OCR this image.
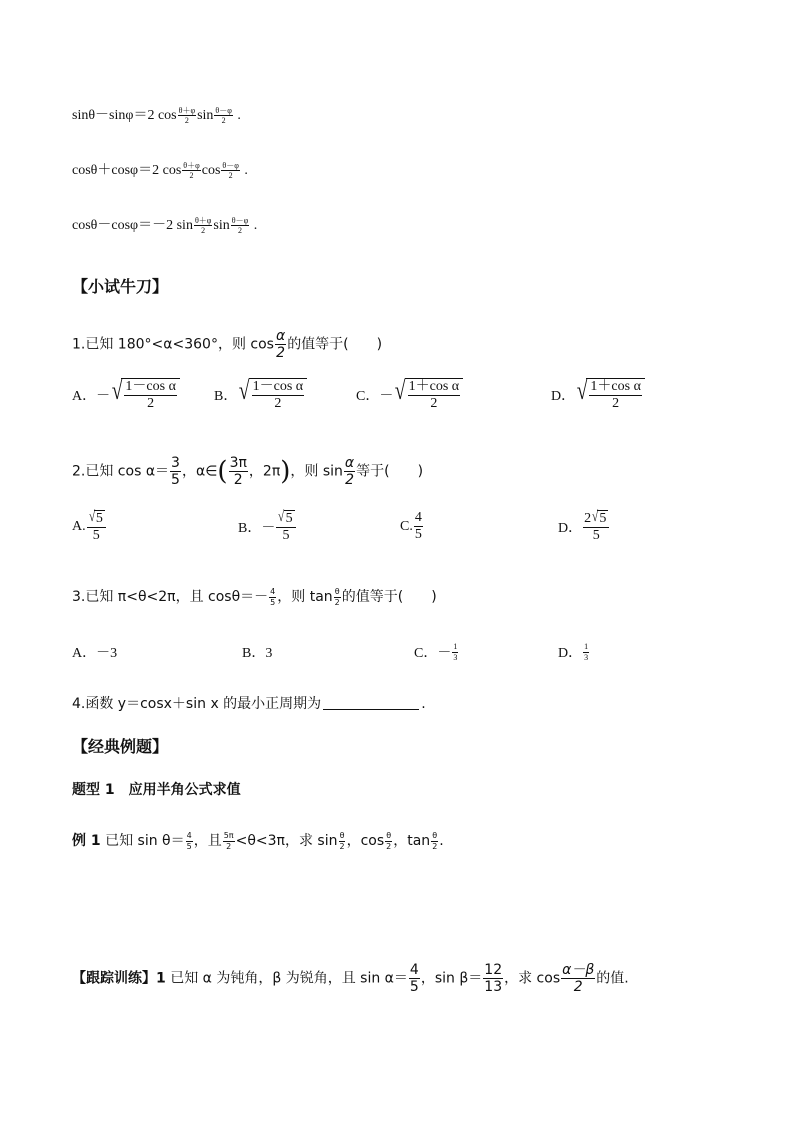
sinθ－sinφ＝2 $\cos \frac{\theta+\varphi}{2}$ $\sin \frac{\theta-\varphi}{2}$ .
cosθ＋cosφ＝2 $\cos \frac{\theta+\varphi}{2}$ $\cos \frac{\theta-\varphi}{2}$ .
cosθ－cosφ＝－2 $\sin \frac{\theta+\varphi}{2}$ $\sin \frac{\theta-\varphi}{2}$ .
【小试牛刀】
1.已知 180°<α<360°，则 $\cos \frac{\alpha}{2}$ 的值等于(　　)
A．－ √ $\frac{\text{1－cos α}}{2}$	B． √ $\frac{\text{1－cos α}}{2}$	C．－ √ $\frac{\text{1＋cos α}}{2}$	D． √ $\frac{\text{1＋cos α}}{2}$
2.已知 $\cos \alpha= \frac{3}{5}$ ，α∈( $\frac{3\pi}{2}$ ，2π)，则 $\sin \frac{\alpha}{2}$ 等于(　　)
A. $\frac{√ 5}{5}$	B．－ $\frac{√ 5}{5}$	C. $\frac{4}{5}$	D． $\frac{2 √ 5}{5}$
3.已知 π<θ<2π，且 $\cos\theta=- \frac{4}{5}$ ，则 $\tan \frac{\theta}{2}$ 的值等于(　　)
A．－3	B．3	C．－ $\frac{1}{3}$	D． $\frac{1}{3}$
4.函数 y＝cosx＋sin x 的最小正周期为	.
【经典例题】
题型 1　应用半角公式求值
例 1 已知 $\sin \theta= \frac{4}{5}$ ，且 $\frac{5\pi}{2} <\theta<3\pi$，求 $\sin \frac{\theta}{2}$ ，$\cos \frac{\theta}{2}$ ，$\tan \frac{\theta}{2}$ .
【跟踪训练】1 已知 α 为钝角，β 为锐角，且 $\sin \alpha= \frac{4}{5}$ ，$\sin \beta= \frac{12}{13}$ ，求 $\cos \frac{\alpha-\beta}{2}$ 的值.
